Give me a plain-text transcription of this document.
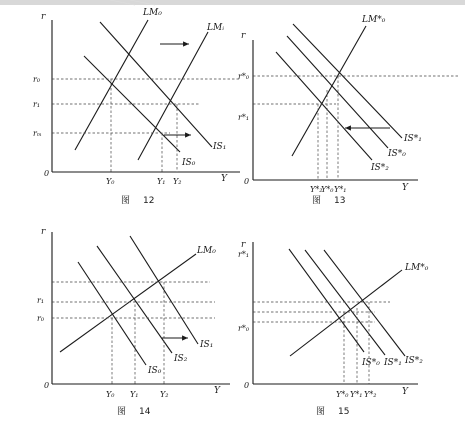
r
Y
0
LM₀
LMᵢ
IS₁
IS₀
r₀
r₁
rₘ
Y₀	Y₁ Y₂
图 12
r
Y
0
LM*₀
IS*₁
IS*₀
IS*₂
r*₀
r*₁
Y*₂
Y*₀ Y*₁
图 13
r
Y
0
LM₀
IS₁
IS₂
IS₀
r₁
r₀
Y₀ Y₁	Y₂
图 14
r
Y
0
LM*₀
IS*₀ IS*₁ IS*₂
r*₁
r*₀
Y*₀ Y*₁ Y*₂
图 15
